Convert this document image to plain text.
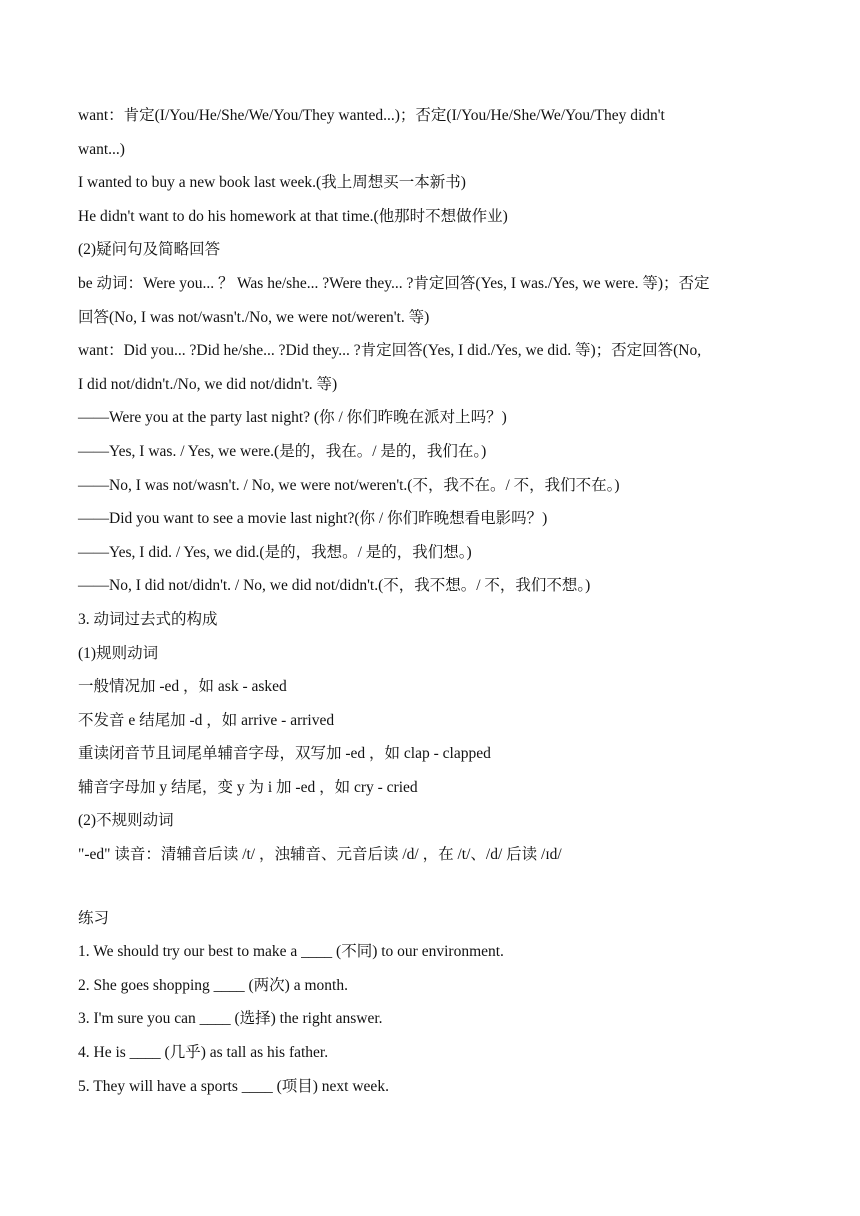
want：肯定(I/You/He/She/We/You/They wanted...)；否定(I/You/He/She/We/You/They didn't
want...)
I wanted to buy a new book last week.(我上周想买一本新书)
He didn't want to do his homework at that time.(他那时不想做作业)
(2)疑问句及简略回答
be 动词：Were you... ？ Was he/she... ?Were they... ?肯定回答(Yes, I was./Yes, we were. 等)；否定
回答(No, I was not/wasn't./No, we were not/weren't. 等)
want：Did you... ?Did he/she... ?Did they... ?肯定回答(Yes, I did./Yes, we did. 等)；否定回答(No,
I did not/didn't./No, we did not/didn't. 等)
——Were you at the party last night? (你 / 你们昨晚在派对上吗？)
——Yes, I was. / Yes, we were.(是的，我在。/ 是的，我们在。)
——No, I was not/wasn't. / No, we were not/weren't.(不，我不在。/ 不，我们不在。)
——Did you want to see a movie last night?(你 / 你们昨晚想看电影吗？)
——Yes, I did. / Yes, we did.(是的，我想。/ 是的，我们想。)
——No, I did not/didn't. / No, we did not/didn't.(不，我不想。/ 不，我们不想。)
3. 动词过去式的构成
(1)规则动词
一般情况加 -ed ，如 ask - asked
不发音 e 结尾加 -d ，如 arrive - arrived
重读闭音节且词尾单辅音字母，双写加 -ed ，如 clap - clapped
辅音字母加 y 结尾，变 y 为 i 加 -ed ，如 cry - cried
(2)不规则动词
"-ed" 读音：清辅音后读 /t/ ，浊辅音、元音后读 /d/ ，在 /t/、/d/ 后读 /ɪd/
练习
1. We should try our best to make a ____ (不同) to our environment.
2. She goes shopping ____ (两次) a month.
3. I'm sure you can ____ (选择) the right answer.
4. He is ____ (几乎) as tall as his father.
5. They will have a sports ____ (项目) next week.
